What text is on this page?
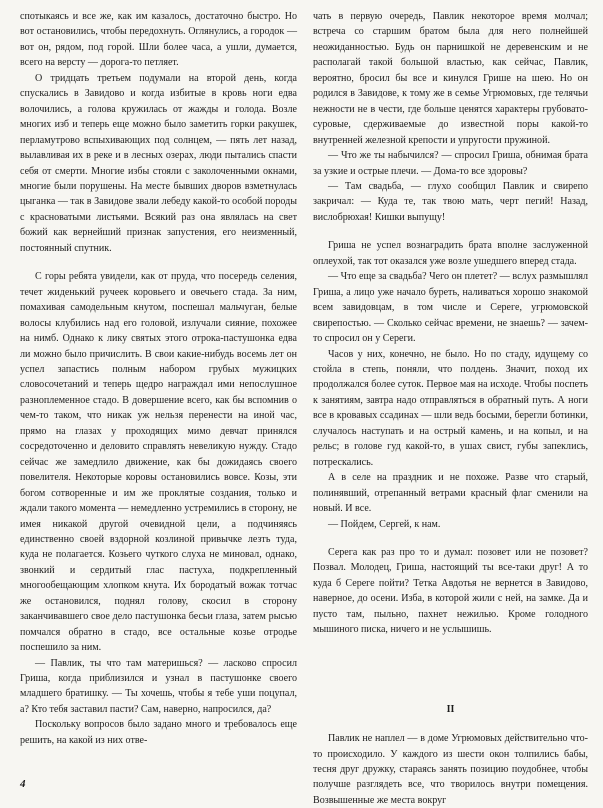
спотыкаясь и все же, как им казалось, достаточно быстро. Но вот остановились, чтобы передохнуть. Оглянулись, а городок — вот он, рядом, под горой. Шли более часа, а ушли, думается, всего на версту — дорога-то петляет.

О тридцать третьем подумали на второй день, когда спускались в Завидово и когда избитые в кровь ноги едва волочились, а голова кружилась от жажды и голода. Возле многих изб и теперь еще можно было заметить горки ракушек, перламутрово вспыхивающих под солнцем, — пять лет назад, вылавливая их в реке и в лесных озерах, люди пытались спасти себя от смерти. Многие избы стояли с заколоченными окнами, многие были порушены. На месте бывших дворов взметнулась цыганка — так в Завидове звали лебеду какой-то особой породы с красноватыми листьями. Всякий раз она являлась на свет божий как вернейший признак запустения, его неизменный, постоянный спутник.

С горы ребята увидели, как от пруда, что посередь селения, течет жиденький ручеек коровьего и овечьего стада. За ним, помахивая самодельным кнутом, поспешал мальчуган, белые волосы клубились над его головой, излучали сияние, похожее на нимб. Однако к лику святых этого отрока-пастушонка едва ли можно было причислить. В свои какие-нибудь восемь лет он успел запастись полным набором грубых мужицких словосочетаний и теперь щедро награждал ими непослушное разноплеменное стадо. В довершение всего, как бы вспомнив о чем-то таком, что никак уж нельзя перенести на иной час, прямо на глазах у проходящих мимо девчат принялся сосредоточенно и деловито справлять невеликую нужду. Стадо сейчас же замедлило движение, как бы дожидаясь своего повелителя. Некоторые коровы остановились вовсе. Козы, эти богом сотворенные и им же проклятые создания, только и ждали такого момента — немедленно устремились в сторону, не имея никакой другой очевидной цели, а подчиняясь единственно своей вздорной козлиной привычке лезть туда, куда не полагается. Козьего чуткого слуха не миновал, однако, звонкий и сердитый глас пастуха, подкрепленный многообещающим хлопком кнута. Их бородатый вожак тотчас же остановился, поднял голову, скосил в сторону заканчивавшего свое дело пастушонка бесьи глаза, затем рысью помчался обратно в стадо, все остальные козье отродье поспешило за ним.

— Павлик, ты что там материшься? — ласково спросил Гриша, когда приблизился и узнал в пастушонке своего младшего братишку. — Ты хочешь, чтобы я тебе уши поцупал, а? Кто тебя заставил пасти? Сам, наверно, напросился, да?

Поскольку вопросов было задано много и требовалось еще решить, на какой из них отве-

чать в первую очередь, Павлик некоторое время молчал; встреча со старшим братом была для него полнейшей неожиданностью. Будь он парнишкой не деревенским и не располагай такой большой властью, как сейчас, Павлик, вероятно, бросил бы все и кинулся Грише на шею. Но он родился в Завидове, к тому же в семье Угрюмовых, где телячьи нежности не в чести, где больше ценятся характеры грубовато-суровые, сдерживаемые до известной поры какой-то внутренней железной крепости и упругости пружиной.

— Что же ты набычился? — спросил Гриша, обнимая брата за узкие и острые плечи. — Дома-то все здоровы?

— Там свадьба, — глухо сообщил Павлик и свирепо закричал: — Куда те, так твою мать, черт пегий! Назад, вислобрюхая! Кишки выпущу!

Гриша не успел вознаградить брата вполне заслуженной оплеухой, так тот оказался уже возле ушедшего вперед стада.

— Что еще за свадьба? Чего он плетет? — вслух размышлял Гриша, а лицо уже начало буреть, наливаться хорошо знакомой всем завидовцам, в том числе и Сереге, угрюмовской свирепостью. — Сколько сейчас времени, не знаешь? — зачем-то спросил он у Сереги.

Часов у них, конечно, не было. Но по стаду, идущему со стойла в степь, поняли, что полдень. Значит, поход их продолжался более суток. Первое мая на исходе. Чтобы поспеть к занятиям, завтра надо отправляться в обратный путь. А ноги все в кровавых ссадинах — шли ведь босыми, берегли ботинки, случалось наступать и на острый камень, и на копыл, и на рельс; в голове гуд какой-то, в ушах свист, губы запеклись, потрескались.

А в селе на праздник и не похоже. Разве что старый, полинявший, отрепанный ветрами красный флаг сменили на новый. И все.

— Пойдем, Сергей, к нам.

Серега как раз про то и думал: позовет или не позовет? Позвал. Молодец, Гриша, настоящий ты все-таки друг! А то куда б Сереге пойти? Тетка Авдотья не вернется в Завидово, наверное, до осени. Изба, в которой жили с ней, на замке. Да и пусто там, пыльно, пахнет нежилью. Кроме голодного мышиного писка, ничего и не услышишь.

II

Павлик не наплел — в доме Угрюмовых действительно что-то происходило. У каждого из шести окон толпились бабы, тесня друг дружку, стараясь занять позицию поудобнее, чтобы получше разглядеть все, что творилось внутри помещения. Возвышенные же места вокруг

4
